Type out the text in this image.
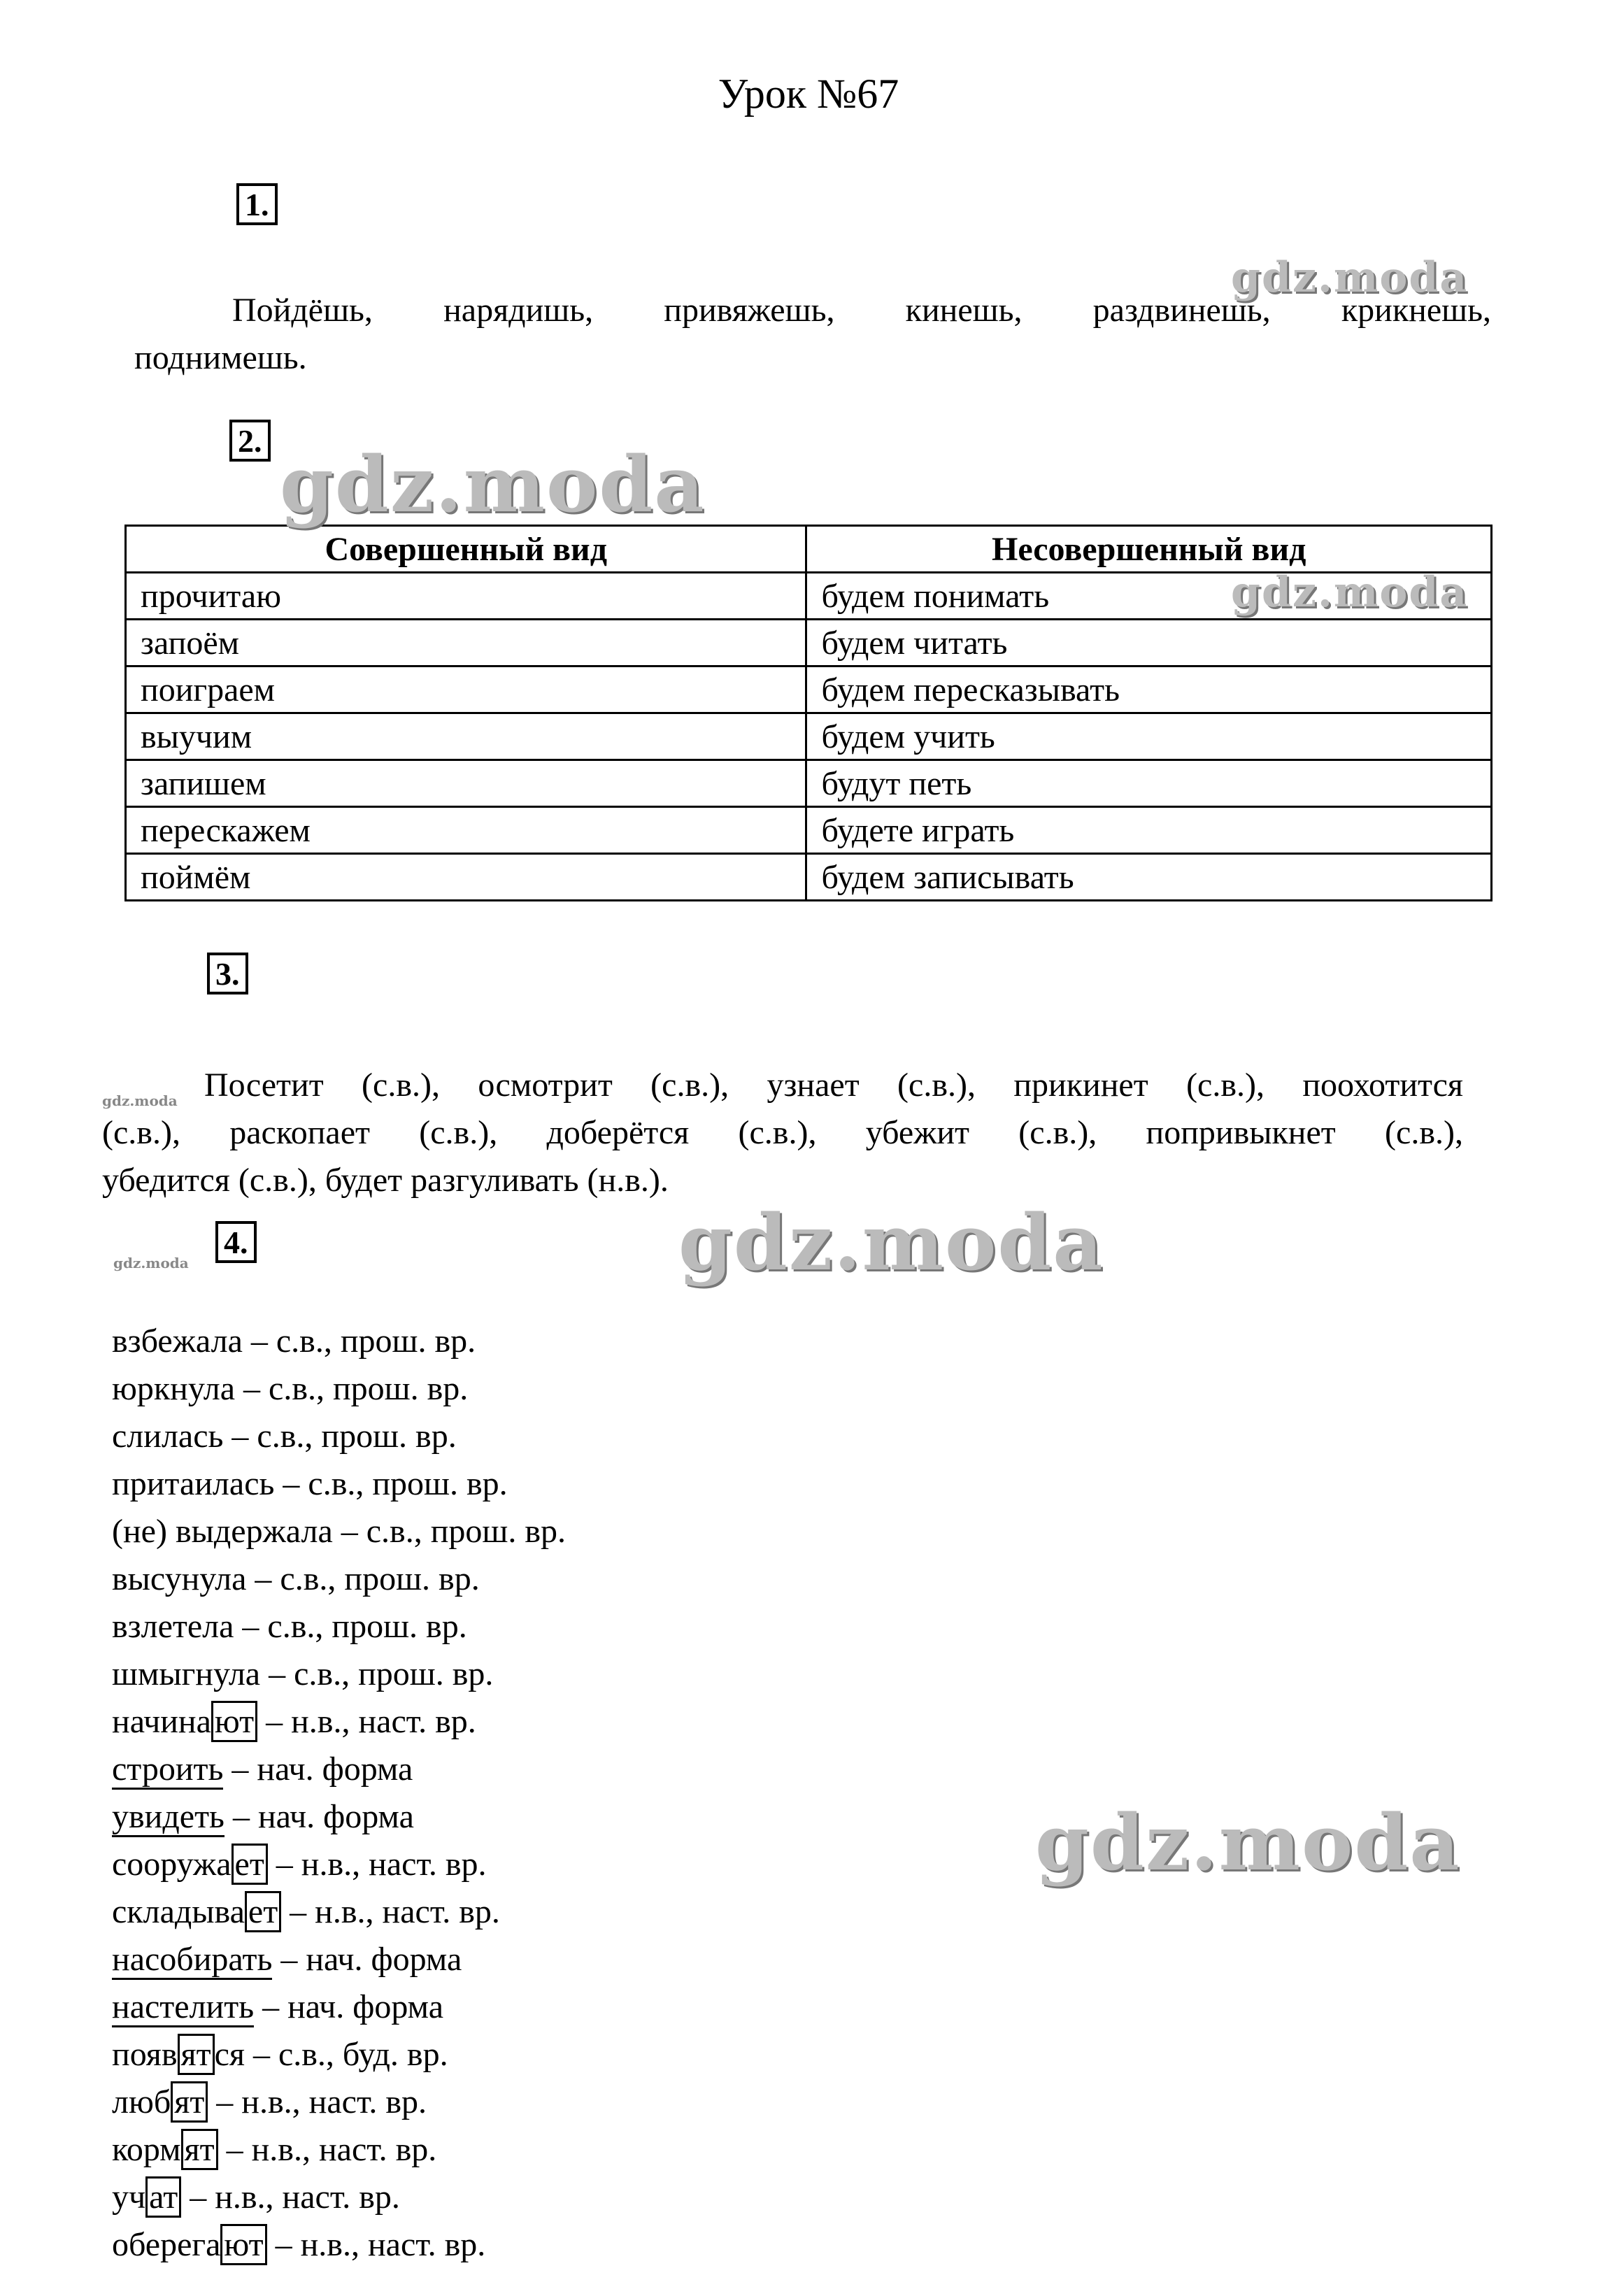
Урок №67
1.
Пойдёшь, нарядишь, привяжешь, кинешь, раздвинешь, крикнешь,
поднимешь.
2.
Совершенный вид	Несовершенный вид
прочитаю	будем понимать
запоём	будем читать
поиграем	будем пересказывать
выучим	будем учить
запишем	будут петь
перескажем	будете играть
поймём	будем записывать
3.
Посетит (с.в.), осмотрит (с.в.), узнает (с.в.), прикинет (с.в.), поохотится
(с.в.), раскопает (с.в.), доберётся (с.в.), убежит (с.в.), попривыкнет (с.в.),
убедится (с.в.), будет разгуливать (н.в.).
4.
взбежала – с.в., прош. вр.
юркнула – с.в., прош. вр.
слилась – с.в., прош. вр.
притаилась – с.в., прош. вр.
(не) выдержала – с.в., прош. вр.
высунула – с.в., прош. вр.
взлетела – с.в., прош. вр.
шмыгнула – с.в., прош. вр.
начина ют – н.в., наст. вр.
строить – нач. форма
увидеть – нач. форма
сооружа ет – н.в., наст. вр.
складыва ет – н.в., наст. вр.
насобирать – нач. форма
настелить – нач. форма
появ ят ся – с.в., буд. вр.
люб ят – н.в., наст. вр.
корм ят – н.в., наст. вр.
уч ат – н.в., наст. вр.
оберега ют – н.в., наст. вр.
gdz.moda
gdz.moda
gdz.moda
gdz.moda
gdz.moda
gdz.moda
gdz.moda
